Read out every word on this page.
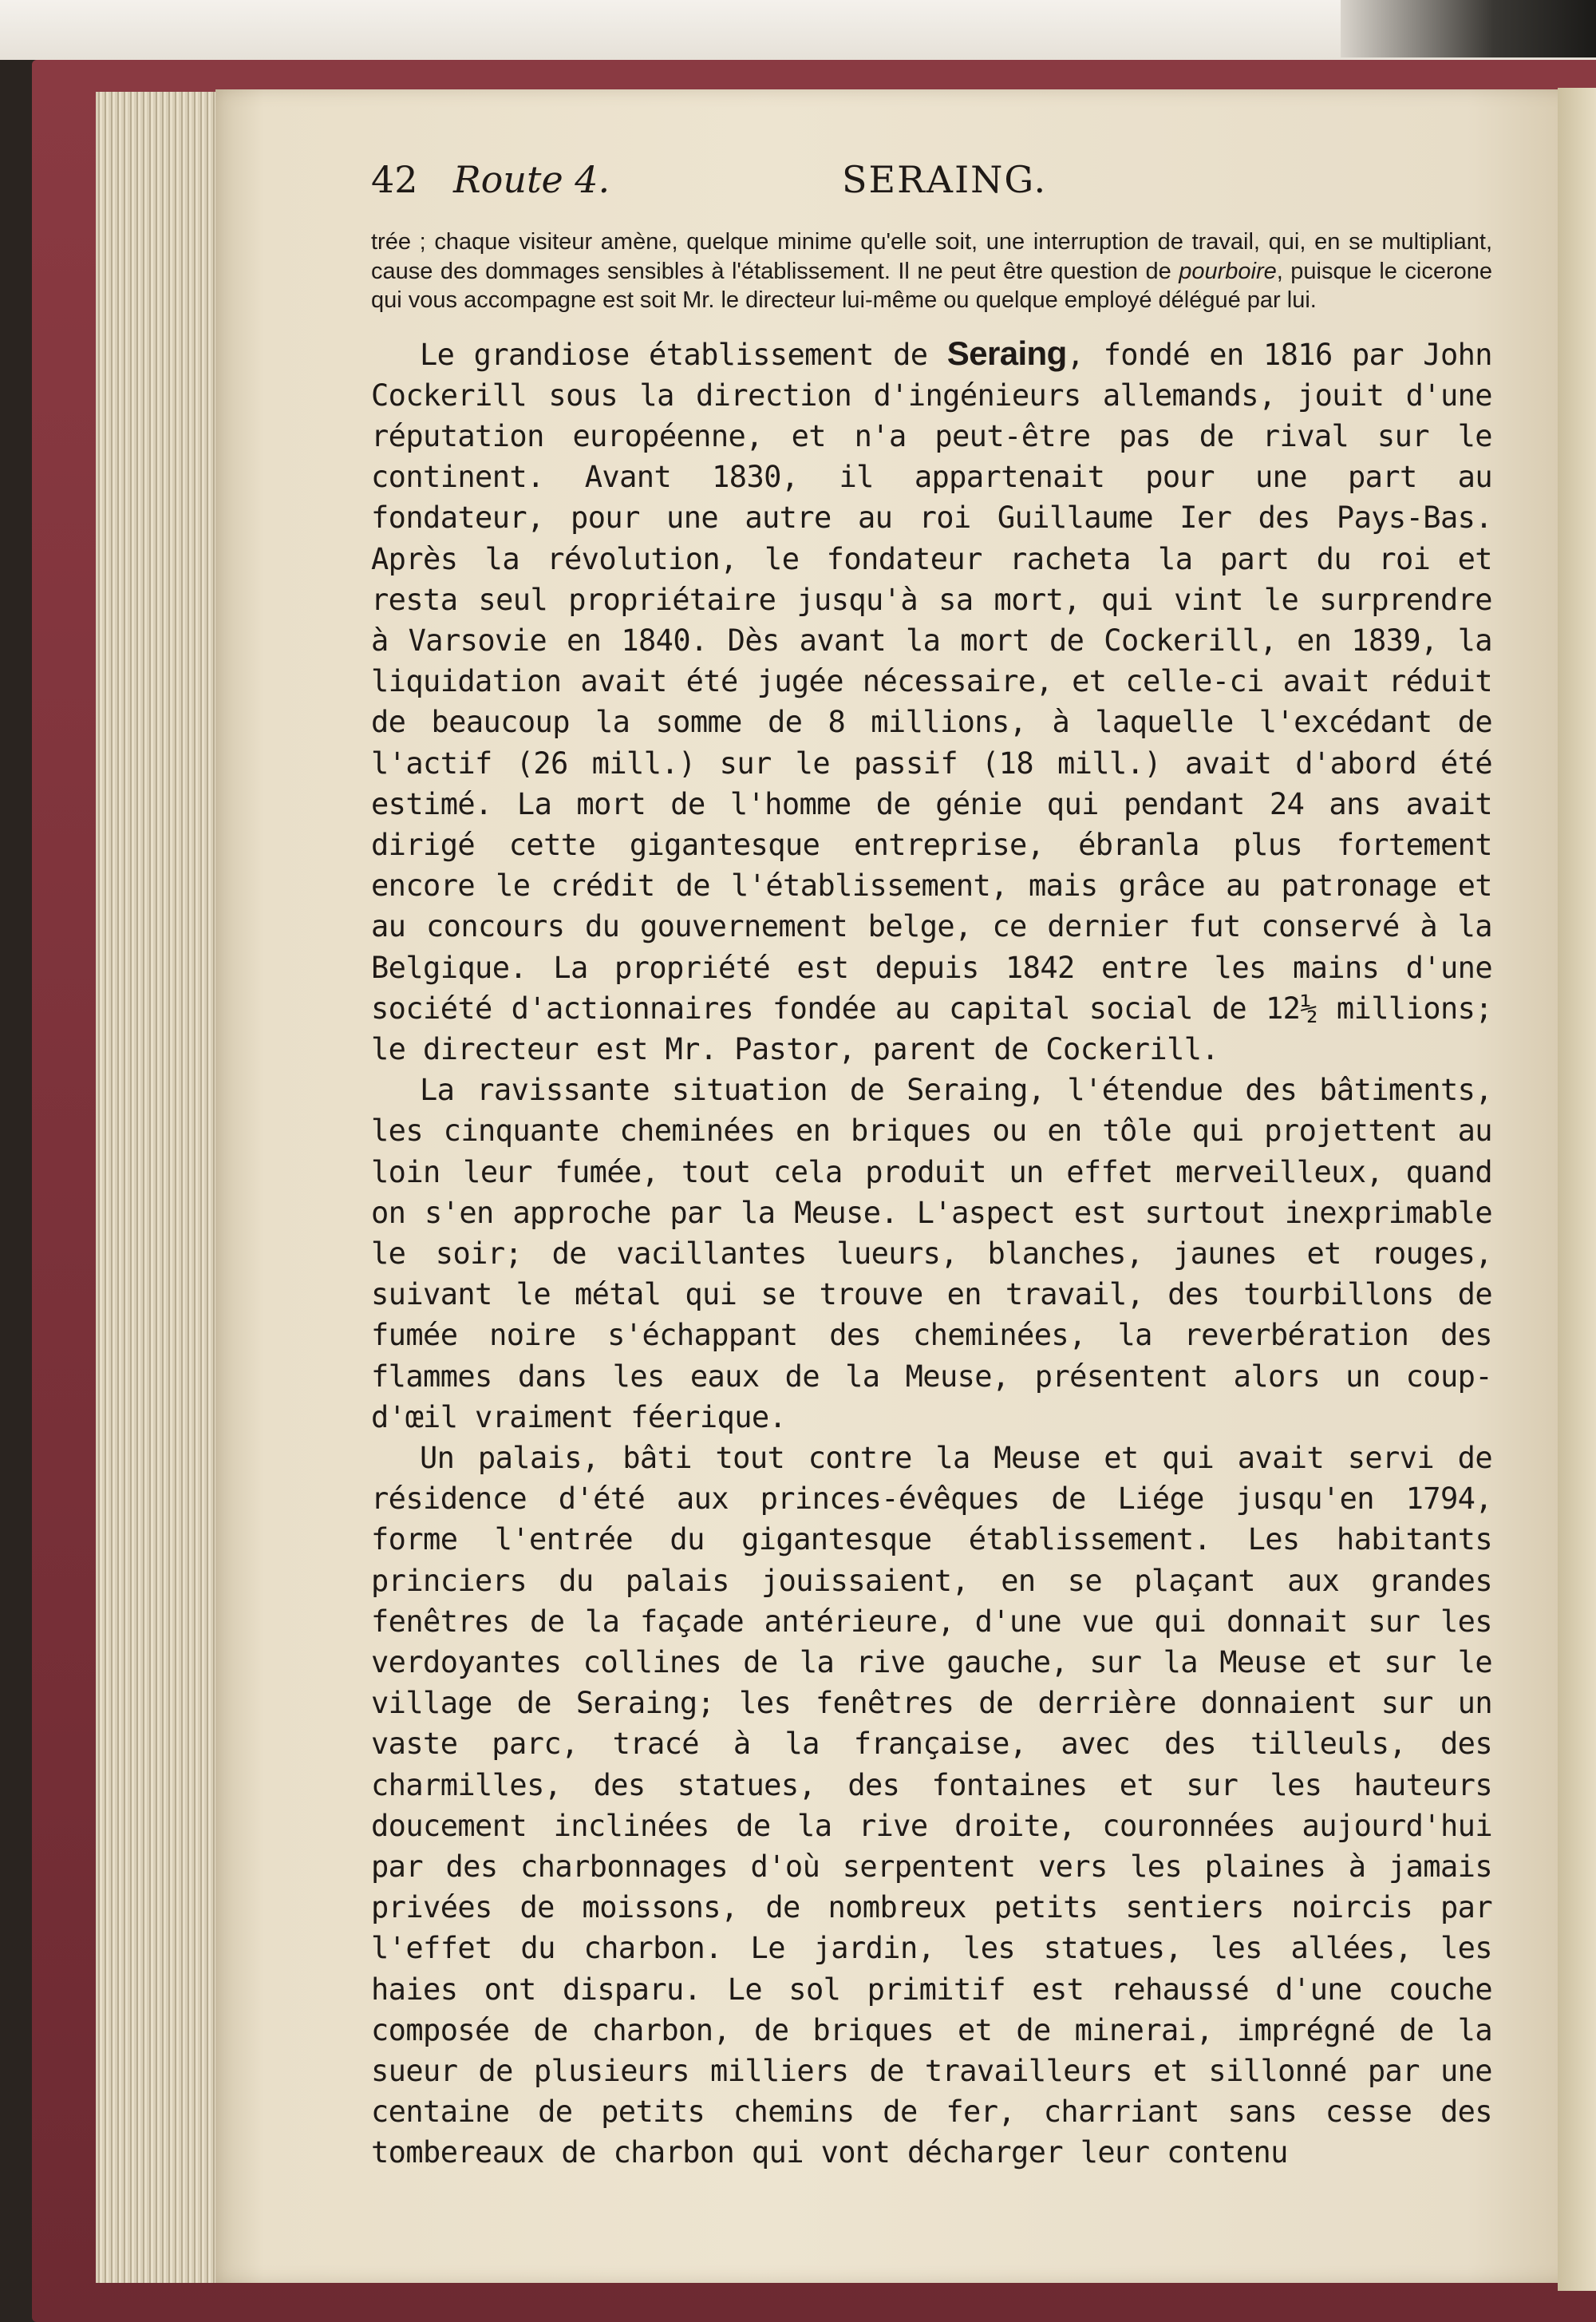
42 Route 4.	SERAING.
trée ; chaque visiteur amène, quelque minime qu'elle soit, une interruption de travail, qui, en se multipliant, cause des dommages sensibles à l'établissement. Il ne peut être question de pourboire, puisque le cicerone qui vous accompagne est soit Mr. le directeur lui-même ou quelque employé délégué par lui.

Le grandiose établissement de Seraing, fondé en 1816 par John Cockerill sous la direction d'ingénieurs allemands, jouit d'une réputation européenne, et n'a peut-être pas de rival sur le continent. Avant 1830, il appartenait pour une part au fondateur, pour une autre au roi Guillaume Ier des Pays-Bas. Après la révolution, le fondateur racheta la part du roi et resta seul propriétaire jusqu'à sa mort, qui vint le surprendre à Varsovie en 1840. Dès avant la mort de Cockerill, en 1839, la liquidation avait été jugée nécessaire, et celle-ci avait réduit de beaucoup la somme de 8 millions, à laquelle l'excédant de l'actif (26 mill.) sur le passif (18 mill.) avait d'abord été estimé. La mort de l'homme de génie qui pendant 24 ans avait dirigé cette gigantesque entreprise, ébranla plus fortement encore le crédit de l'établissement, mais grâce au patronage et au concours du gouvernement belge, ce dernier fut conservé à la Belgique. La propriété est depuis 1842 entre les mains d'une société d'actionnaires fondée au capital social de 12½ millions; le directeur est Mr. Pastor, parent de Cockerill.

La ravissante situation de Seraing, l'étendue des bâtiments, les cinquante cheminées en briques ou en tôle qui projettent au loin leur fumée, tout cela produit un effet merveilleux, quand on s'en approche par la Meuse. L'aspect est surtout inexprimable le soir; de vacillantes lueurs, blanches, jaunes et rouges, suivant le métal qui se trouve en travail, des tourbillons de fumée noire s'échappant des cheminées, la reverbération des flammes dans les eaux de la Meuse, présentent alors un coup-d'œil vraiment féerique.

Un palais, bâti tout contre la Meuse et qui avait servi de résidence d'été aux princes-évêques de Liége jusqu'en 1794, forme l'entrée du gigantesque établissement. Les habitants princiers du palais jouissaient, en se plaçant aux grandes fenêtres de la façade antérieure, d'une vue qui donnait sur les verdoyantes collines de la rive gauche, sur la Meuse et sur le village de Seraing; les fenêtres de derrière donnaient sur un vaste parc, tracé à la française, avec des tilleuls, des charmilles, des statues, des fontaines et sur les hauteurs doucement inclinées de la rive droite, couronnées aujourd'hui par des charbonnages d'où serpentent vers les plaines à jamais privées de moissons, de nombreux petits sentiers noircis par l'effet du charbon. Le jardin, les statues, les allées, les haies ont disparu. Le sol primitif est rehaussé d'une couche composée de charbon, de briques et de minerai, imprégné de la sueur de plusieurs milliers de travailleurs et sillonné par une centaine de petits chemins de fer, charriant sans cesse des tombereaux de charbon qui vont décharger leur contenu
